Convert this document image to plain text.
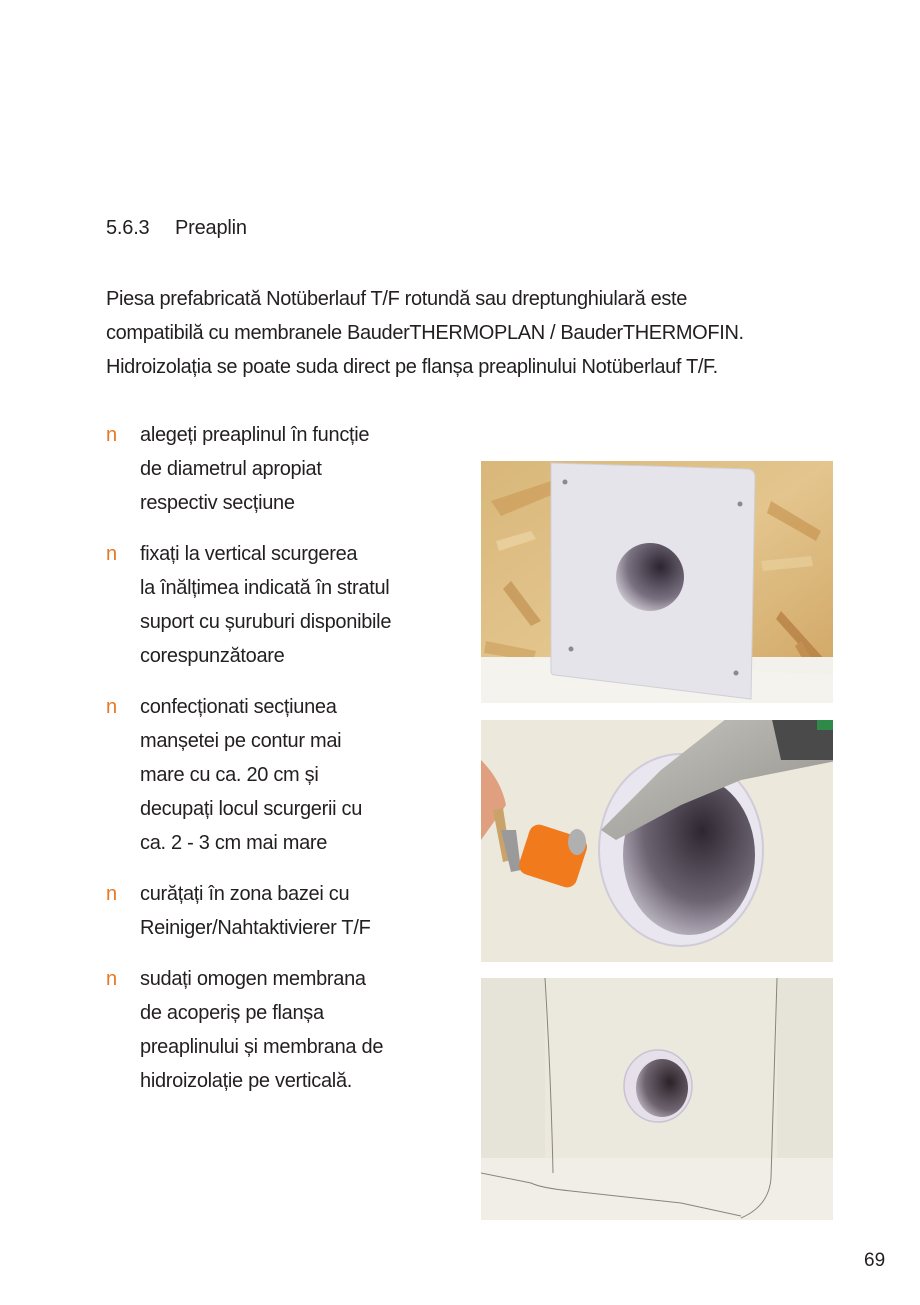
5.6.3 Preaplin

Piesa prefabricată Notüberlauf T/F rotundă sau dreptunghiulară este

compatibilă cu membranele BauderTHERMOPLAN / BauderTHERMOFIN.

Hidroizolația se poate suda direct pe flanșa preaplinului Notüberlauf T/F.

n alegeți preaplinul în funcție
de diametrul apropiat
respectiv secțiune
n fixați la vertical scurgerea
la înălțimea indicată în stratul
suport cu șuruburi disponibile
corespunzătoare
n confecționati secțiunea
manșetei pe contur mai
mare cu ca. 20 cm și
decupați locul scurgerii cu
ca. 2 - 3 cm mai mare
n curățați în zona bazei cu
Reiniger/Nahtaktivierer T/F
n sudați omogen membrana
de acoperiș pe flanșa
preaplinului și membrana de
hidroizolație pe verticală.
69
